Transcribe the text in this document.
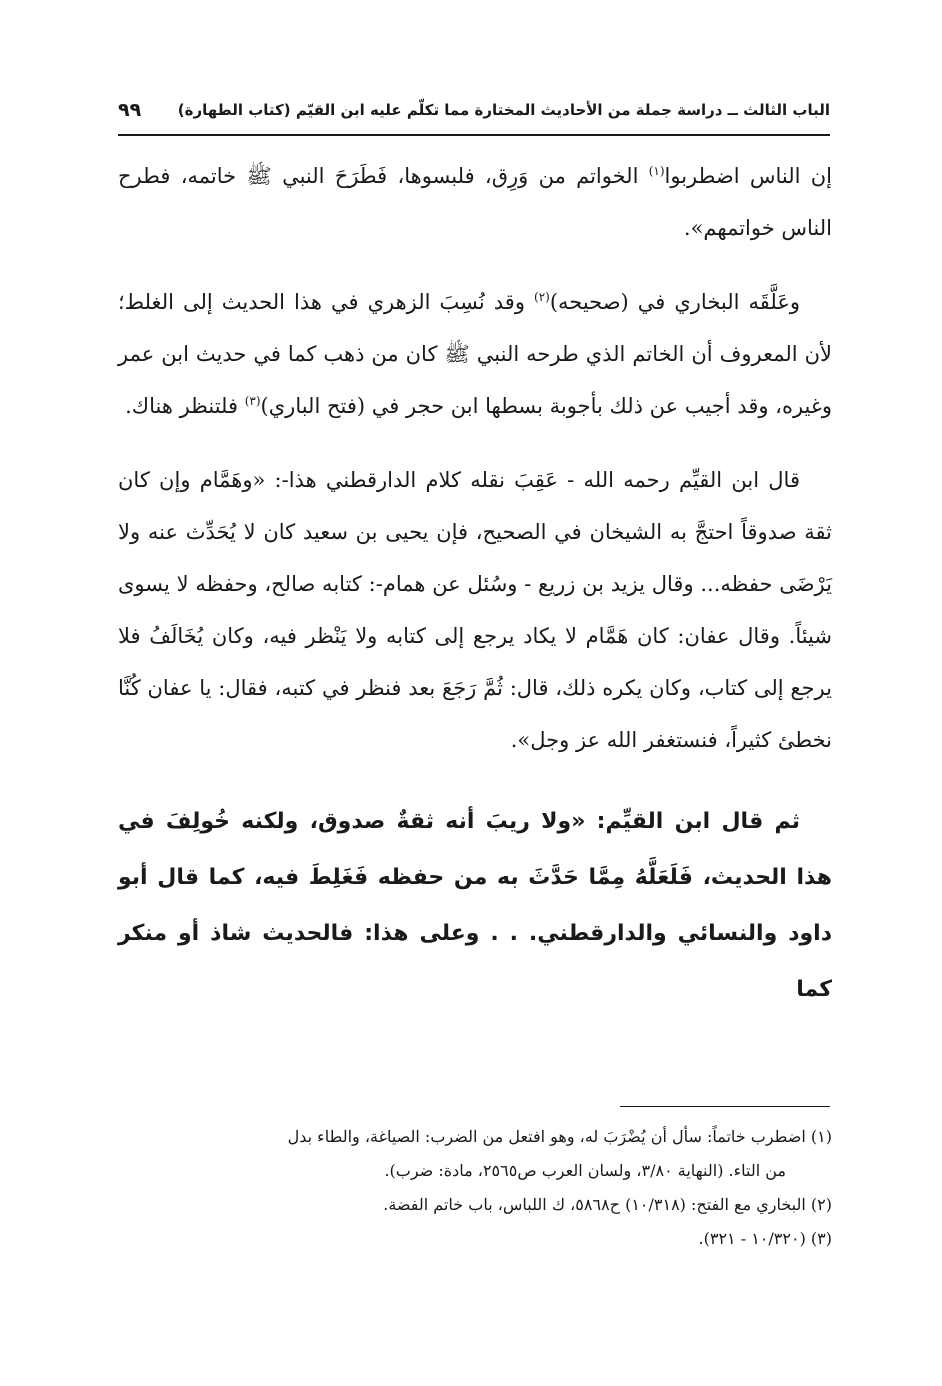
الباب الثالث ــ دراسة جملة من الأحاديث المختارة مما تكلّم عليه ابن القيّم (كتاب الطهارة)
٩٩

إن الناس اضطربوا$^{(١)}$ الخواتم من وَرِق، فلبسوها، فَطَرَحَ النبي ﷺ خاتمه، فطرح الناس خواتمهم».

وعَلَّقَه البخاري في (صحيحه)$^{(٢)}$ وقد نُسِبَ الزهري في هذا الحديث إلى الغلط؛ لأن المعروف أن الخاتم الذي طرحه النبي ﷺ كان من ذهب كما في حديث ابن عمر وغيره، وقد أجيب عن ذلك بأجوبة بسطها ابن حجر في (فتح الباري)$^{(٣)}$ فلتنظر هناك.

قال ابن القيِّم رحمه الله - عَقِبَ نقله كلام الدارقطني هذا-: «وهَمَّام وإن كان ثقة صدوقاً احتجَّ به الشيخان في الصحيح، فإن يحيى بن سعيد كان لا يُحَدِّث عنه ولا يَرْضَى حفظه... وقال يزيد بن زريع - وسُئل عن همام-: كتابه صالح، وحفظه لا يسوى شيئاً. وقال عفان: كان هَمَّام لا يكاد يرجع إلى كتابه ولا يَنْظر فيه، وكان يُخَالَفُ فلا يرجع إلى كتاب، وكان يكره ذلك، قال: ثُمَّ رَجَعَ بعد فنظر في كتبه، فقال: يا عفان كُنَّا نخطئ كثيراً، فنستغفر الله عز وجل».

ثم قال ابن القيِّم: «ولا ريبَ أنه ثقةٌ صدوق، ولكنه خُولِفَ في هذا الحديث، فَلَعَلَّهُ مِمَّا حَدَّثَ به من حفظه فَغَلِطَ فيه، كما قال أبو داود والنسائي والدارقطني. . . وعلى هذا: فالحديث شاذ أو منكر كما

(١) اضطرب خاتماً: سأل أن يُضْرَبَ له، وهو افتعل من الضرب: الصياغة، والطاء بدل

من التاء. (النهاية ٣/٨٠، ولسان العرب ص٢٥٦٥، مادة: ضرب).

(٢) البخاري مع الفتح: (١٠/٣١٨) ح٥٨٦٨، ك اللباس، باب خاتم الفضة.

(٣) (١٠/٣٢٠ - ٣٢١).
